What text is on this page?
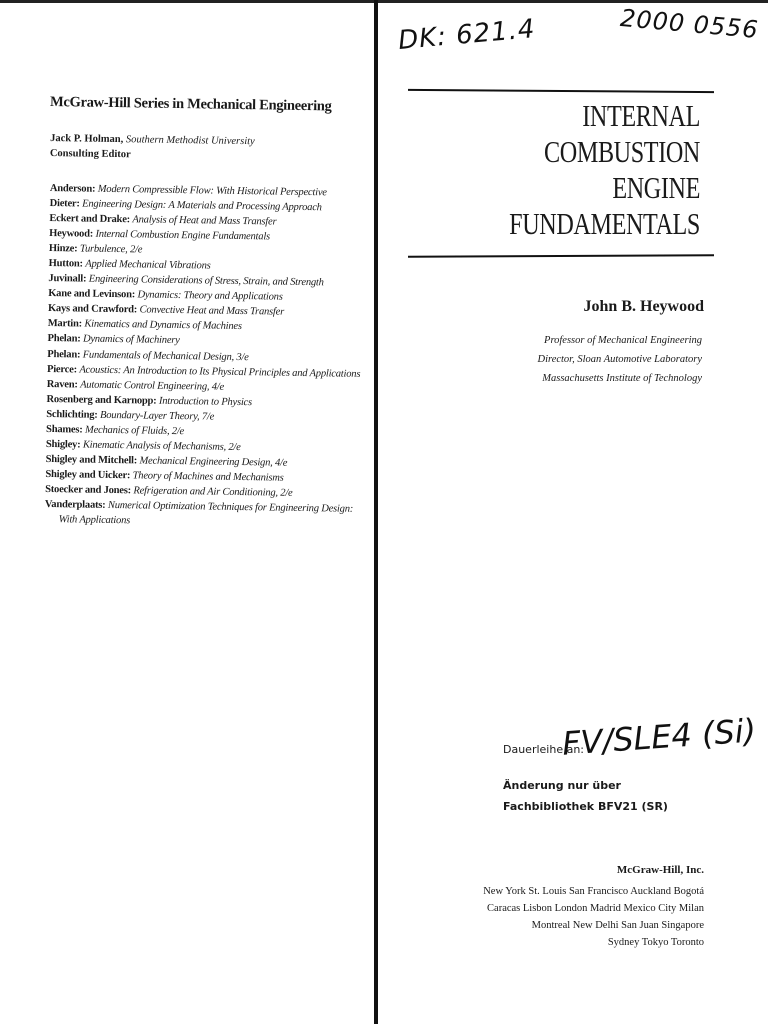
McGraw-Hill Series in Mechanical Engineering
Jack P. Holman, Southern Methodist University
Consulting Editor
Anderson: Modern Compressible Flow: With Historical Perspective
Dieter: Engineering Design: A Materials and Processing Approach
Eckert and Drake: Analysis of Heat and Mass Transfer
Heywood: Internal Combustion Engine Fundamentals
Hinze: Turbulence, 2/e
Hutton: Applied Mechanical Vibrations
Juvinall: Engineering Considerations of Stress, Strain, and Strength
Kane and Levinson: Dynamics: Theory and Applications
Kays and Crawford: Convective Heat and Mass Transfer
Martin: Kinematics and Dynamics of Machines
Phelan: Dynamics of Machinery
Phelan: Fundamentals of Mechanical Design, 3/e
Pierce: Acoustics: An Introduction to Its Physical Principles and Applications
Raven: Automatic Control Engineering, 4/e
Rosenberg and Karnopp: Introduction to Physics
Schlichting: Boundary-Layer Theory, 7/e
Shames: Mechanics of Fluids, 2/e
Shigley: Kinematic Analysis of Mechanisms, 2/e
Shigley and Mitchell: Mechanical Engineering Design, 4/e
Shigley and Uicker: Theory of Machines and Mechanisms
Stoecker and Jones: Refrigeration and Air Conditioning, 2/e
Vanderplaats: Numerical Optimization Techniques for Engineering Design:
With Applications
DK: 621.4	2000 0556
INTERNAL
COMBUSTION
ENGINE
FUNDAMENTALS
John B. Heywood
Professor of Mechanical Engineering
Director, Sloan Automotive Laboratory
Massachusetts Institute of Technology
Dauerleihe an:
FV/SLE4 (Si)
Änderung nur über
Fachbibliothek BFV21 (SR)
McGraw-Hill, Inc.
New York St. Louis San Francisco Auckland Bogotá
Caracas Lisbon London Madrid Mexico City Milan
Montreal New Delhi San Juan Singapore
Sydney Tokyo Toronto
